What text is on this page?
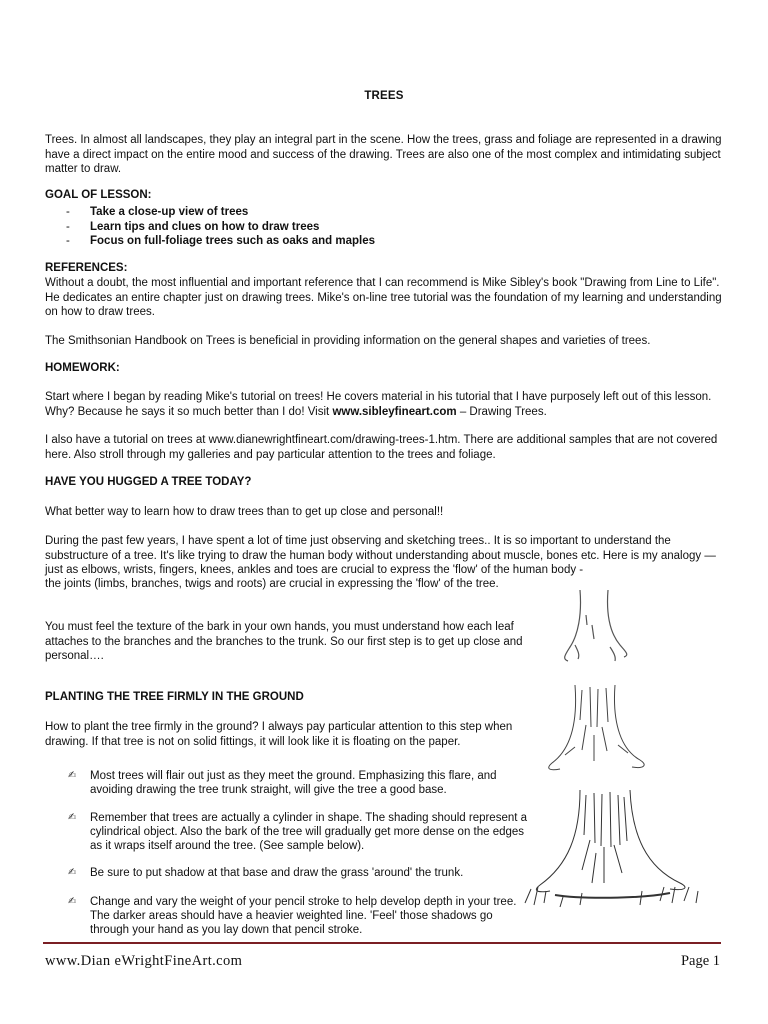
TREES

Trees. In almost all landscapes, they play an integral part in the scene. How the trees, grass and foliage are represented in a drawing have a direct impact on the entire mood and success of the drawing. Trees are also one of the most complex and intimidating subject matter to draw.

GOAL OF LESSON:

-	Take a close-up view of trees
-	Learn tips and clues on how to draw trees
-	Focus on full-foliage trees such as oaks and maples

REFERENCES:

Without a doubt, the most influential and important reference that I can recommend is Mike Sibley's book "Drawing from Line to Life". He dedicates an entire chapter just on drawing trees. Mike's on-line tree tutorial was the foundation of my learning and understanding on how to draw trees.

The Smithsonian Handbook on Trees is beneficial in providing information on the general shapes and varieties of trees.

HOMEWORK:

Start where I began by reading Mike's tutorial on trees! He covers material in his tutorial that I have purposely left out of this lesson. Why? Because he says it so much better than I do! Visit www.sibleyfineart.com – Drawing Trees.

I also have a tutorial on trees at www.dianewrightfineart.com/drawing-trees-1.htm. There are additional samples that are not covered here. Also stroll through my galleries and pay particular attention to the trees and foliage.

HAVE YOU HUGGED A TREE TODAY?

What better way to learn how to draw trees than to get up close and personal!!

During the past few years, I have spent a lot of time just observing and sketching trees.. It is so important to understand the substructure of a tree. It's like trying to draw the human body without understanding about muscle, bones etc. Here is my analogy — just as elbows, wrists, fingers, knees, ankles and toes are crucial to express the 'flow' of the human body -

the joints (limbs, branches, twigs and roots) are crucial in expressing the 'flow' of the tree.

You must feel the texture of the bark in your own hands, you must understand how each leaf attaches to the branches and the branches to the trunk. So our first step is to get up close and personal….

PLANTING THE TREE FIRMLY IN THE GROUND

How to plant the tree firmly in the ground? I always pay particular attention to this step when drawing. If that tree is not on solid fittings, it will look like it is floating on the paper.

✍	Most trees will flair out just as they meet the ground. Emphasizing this flare, and avoiding drawing the tree trunk straight, will give the tree a good base.
✍	Remember that trees are actually a cylinder in shape. The shading should represent a cylindrical object. Also the bark of the tree will gradually get more dense on the edges as it wraps itself around the tree. (See sample below).
✍	Be sure to put shadow at that base and draw the grass 'around' the trunk.
✍	Change and vary the weight of your pencil stroke to help develop depth in your tree. The darker areas should have a heavier weighted line. 'Feel' those shadows go through your hand as you lay down that pencil stroke.
www.Dian eWrightFineArt.com	Page 1
